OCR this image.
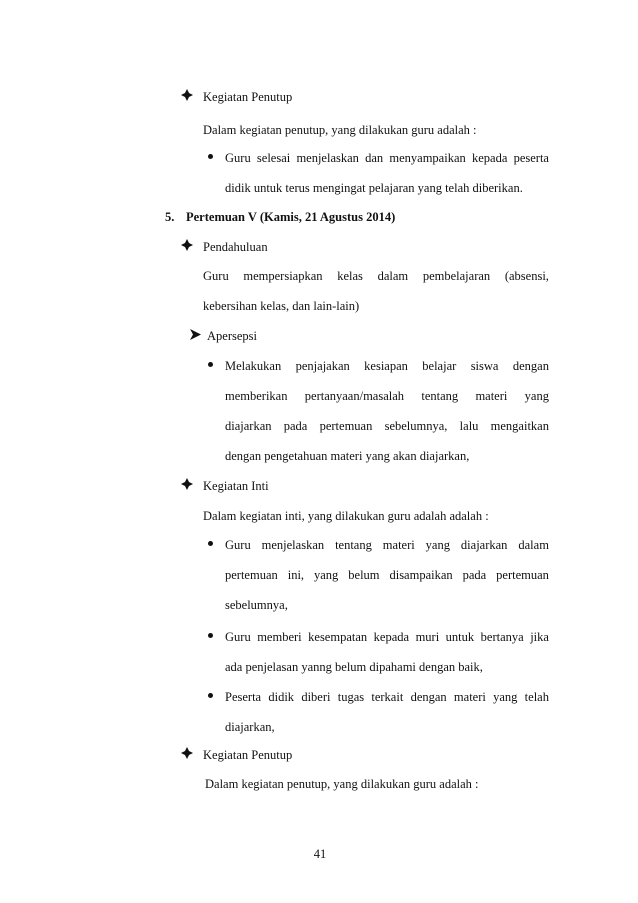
Kegiatan Penutup
Dalam kegiatan penutup, yang dilakukan guru adalah :
Guru selesai menjelaskan dan menyampaikan kepada peserta
didik untuk terus mengingat pelajaran yang telah diberikan.
5. Pertemuan V (Kamis, 21 Agustus 2014)
Pendahuluan
Guru mempersiapkan kelas dalam pembelajaran (absensi,
kebersihan kelas, dan lain-lain)
Apersepsi
Melakukan penjajakan kesiapan belajar siswa dengan
memberikan pertanyaan/masalah tentang materi yang
diajarkan pada pertemuan sebelumnya, lalu mengaitkan
dengan pengetahuan materi yang akan diajarkan,
Kegiatan Inti
Dalam kegiatan inti, yang dilakukan guru adalah adalah :
Guru menjelaskan tentang materi yang diajarkan dalam
pertemuan ini, yang belum disampaikan pada pertemuan
sebelumnya,
Guru memberi kesempatan kepada muri untuk bertanya jika
ada penjelasan yanng belum dipahami dengan baik,
Peserta didik diberi tugas terkait dengan materi yang telah
diajarkan,
Kegiatan Penutup
Dalam kegiatan penutup, yang dilakukan guru adalah :
41
